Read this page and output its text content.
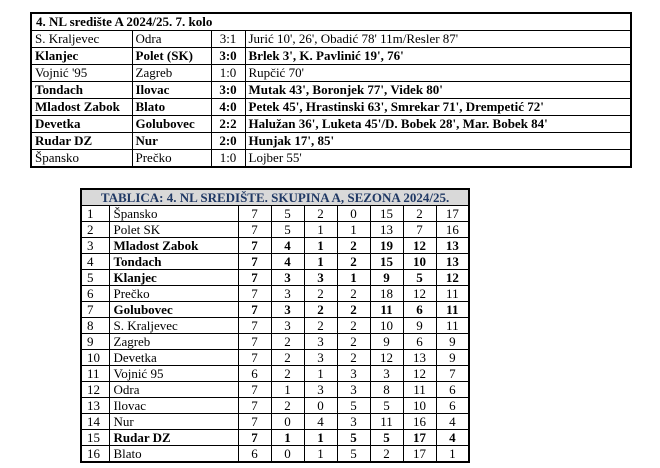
4. NL središte A 2024/25. 7. kolo			
S. Kraljevec	Odra	3:1	Jurić 10', 26', Obadić 78' 11m/Resler 87'
Klanjec	Polet (SK)	3:0	Brlek 3', K. Pavlinić 19', 76'
Vojnić '95	Zagreb	1:0	Rupčić 70'
Tondach	Ilovac	3:0	Mutak 43', Boronjek 77', Videk 80'
Mladost Zabok	Blato	4:0	Petek 45', Hrastinski 63', Smrekar 71', Drempetić 72'
Devetka	Golubovec	2:2	Halužan 36', Luketa 45'/D. Bobek 28', Mar. Bobek 84'
Rudar DZ	Nur	2:0	Hunjak 17', 85'
Špansko	Prečko	1:0	Lojber 55'
TABLICA: 4. NL SREDIŠTE. SKUPINA A, SEZONA 2024/25.								
1	Špansko	7	5	2	0	15	2	17
2	Polet SK	7	5	1	1	13	7	16
3	Mladost Zabok	7	4	1	2	19	12	13
4	Tondach	7	4	1	2	15	10	13
5	Klanjec	7	3	3	1	9	5	12
6	Prečko	7	3	2	2	18	12	11
7	Golubovec	7	3	2	2	11	6	11
8	S. Kraljevec	7	3	2	2	10	9	11
9	Zagreb	7	2	3	2	9	6	9
10	Devetka	7	2	3	2	12	13	9
11	Vojnić 95	6	2	1	3	3	12	7
12	Odra	7	1	3	3	8	11	6
13	Ilovac	7	2	0	5	5	10	6
14	Nur	7	0	4	3	11	16	4
15	Rudar DZ	7	1	1	5	5	17	4
16	Blato	6	0	1	5	2	17	1
